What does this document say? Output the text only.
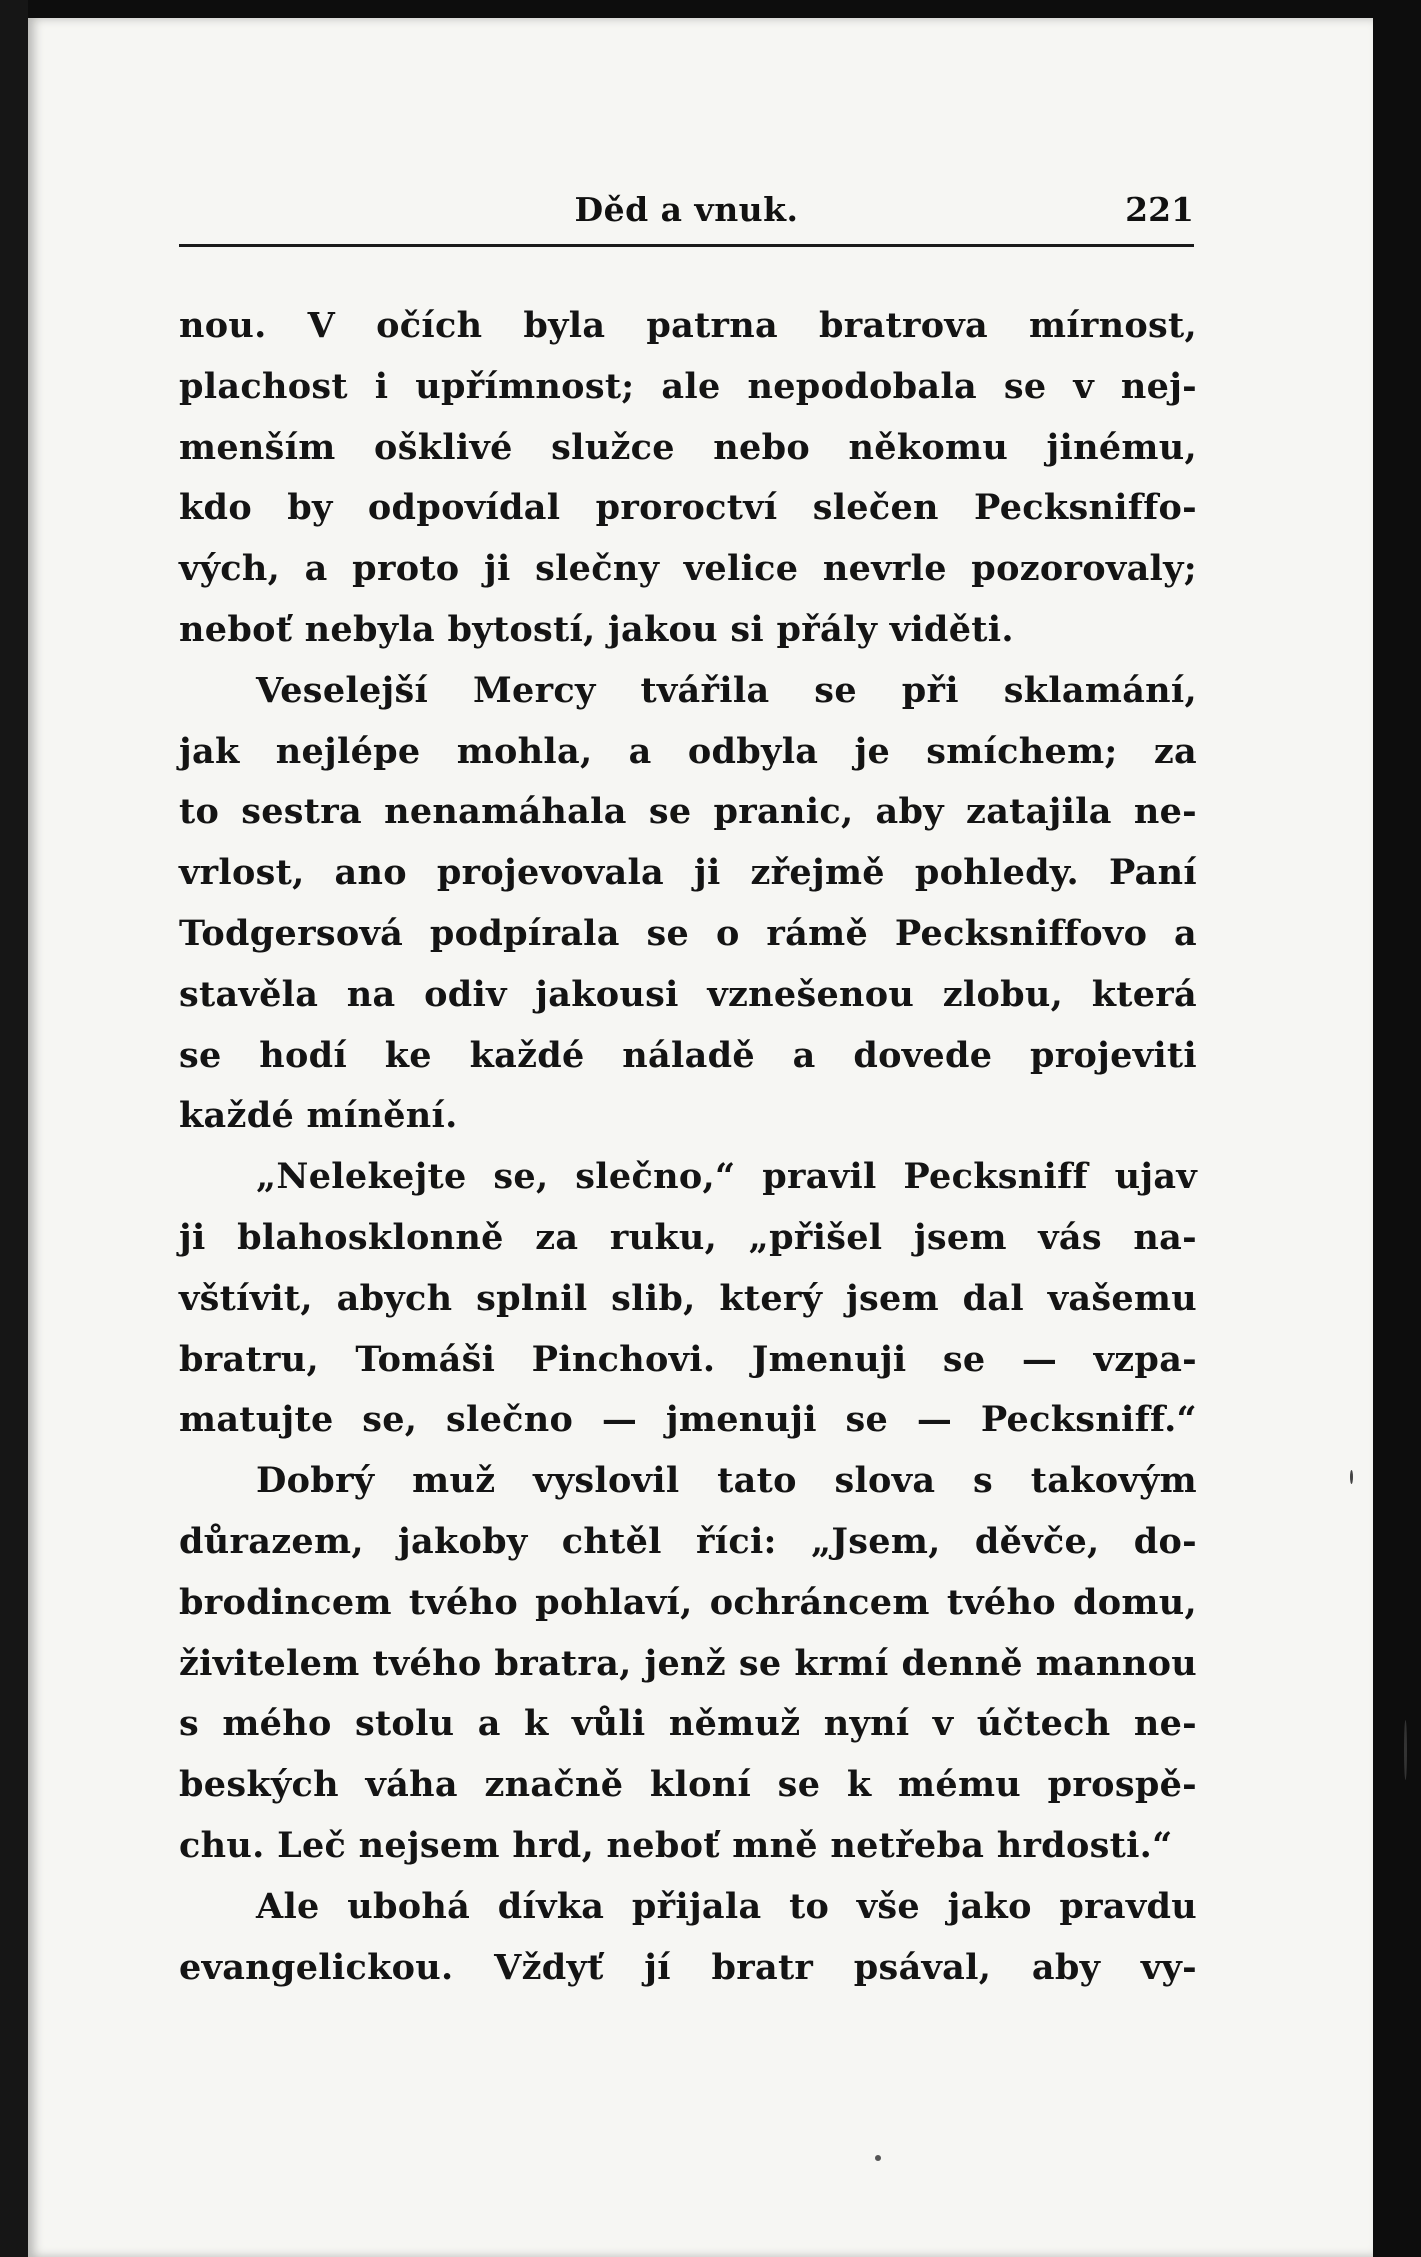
Děd a vnuk.	221
nou. V očích byla patrna bratrova mírnost,
plachost i upřímnost; ale nepodobala se v nej-
menším ošklivé služce nebo někomu jinému,
kdo by odpovídal proroctví slečen Pecksniffo-
vých, a proto ji slečny velice nevrle pozorovaly;
neboť nebyla bytostí, jakou si přály viděti.
Veselejší Mercy tvářila se při sklamání,
jak nejlépe mohla, a odbyla je smíchem; za
to sestra nenamáhala se pranic, aby zatajila ne-
vrlost, ano projevovala ji zřejmě pohledy. Paní
Todgersová podpírala se o rámě Pecksniffovo a
stavěla na odiv jakousi vznešenou zlobu, která
se hodí ke každé náladě a dovede projeviti
každé mínění.
„Nelekejte se, slečno,“ pravil Pecksniff ujav
ji blahosklonně za ruku, „přišel jsem vás na-
vštívit, abych splnil slib, který jsem dal vašemu
bratru, Tomáši Pinchovi. Jmenuji se — vzpa-
matujte se, slečno — jmenuji se — Pecksniff.“
Dobrý muž vyslovil tato slova s takovým
důrazem, jakoby chtěl říci: „Jsem, děvče, do-
brodincem tvého pohlaví, ochráncem tvého domu,
živitelem tvého bratra, jenž se krmí denně mannou
s mého stolu a k vůli němuž nyní v účtech ne-
beských váha značně kloní se k mému prospě-
chu. Leč nejsem hrd, neboť mně netřeba hrdosti.“
Ale ubohá dívka přijala to vše jako pravdu
evangelickou. Vždyť jí bratr psával, aby vy-
